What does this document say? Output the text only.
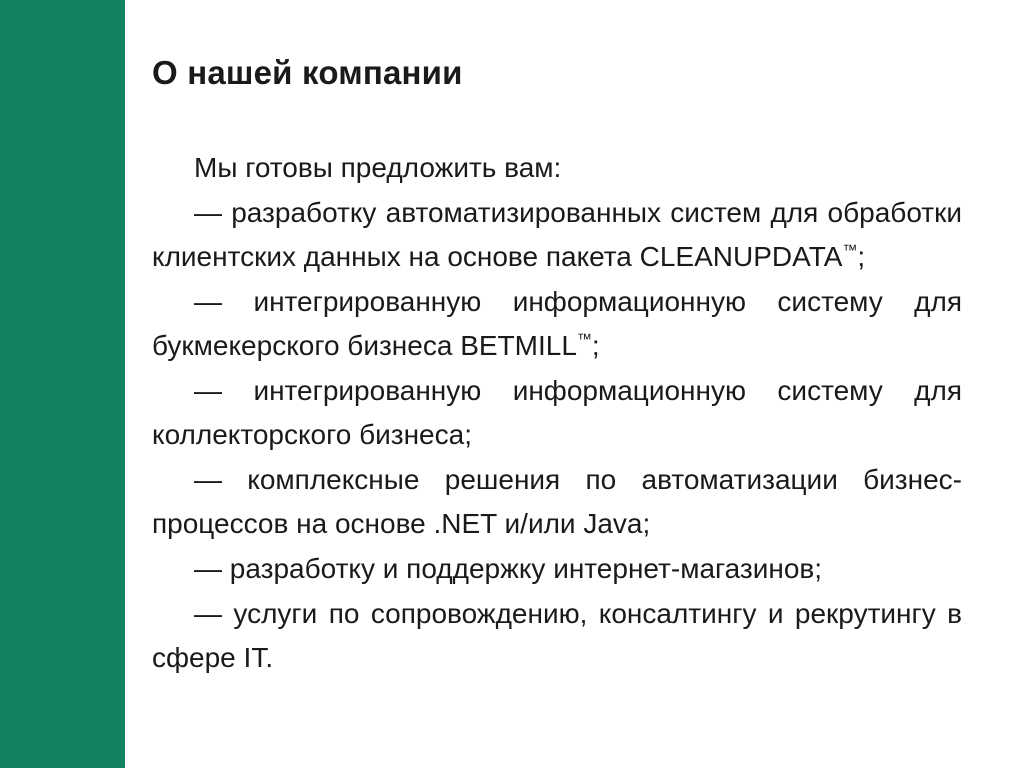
О нашей компании

Мы готовы предложить вам:

— разработку автоматизированных систем для обработки клиентских данных на основе пакета CLEANUPDATA™;

— интегрированную информационную систему для букмекерского бизнеса BETMILL™;

— интегрированную информационную систему для коллекторского бизнеса;

— комплексные решения по автоматизации бизнес-процессов на основе .NET и/или Java;

— разработку и поддержку интернет-магазинов;

— услуги по сопровождению, консалтингу и рекрутингу в сфере IT.
